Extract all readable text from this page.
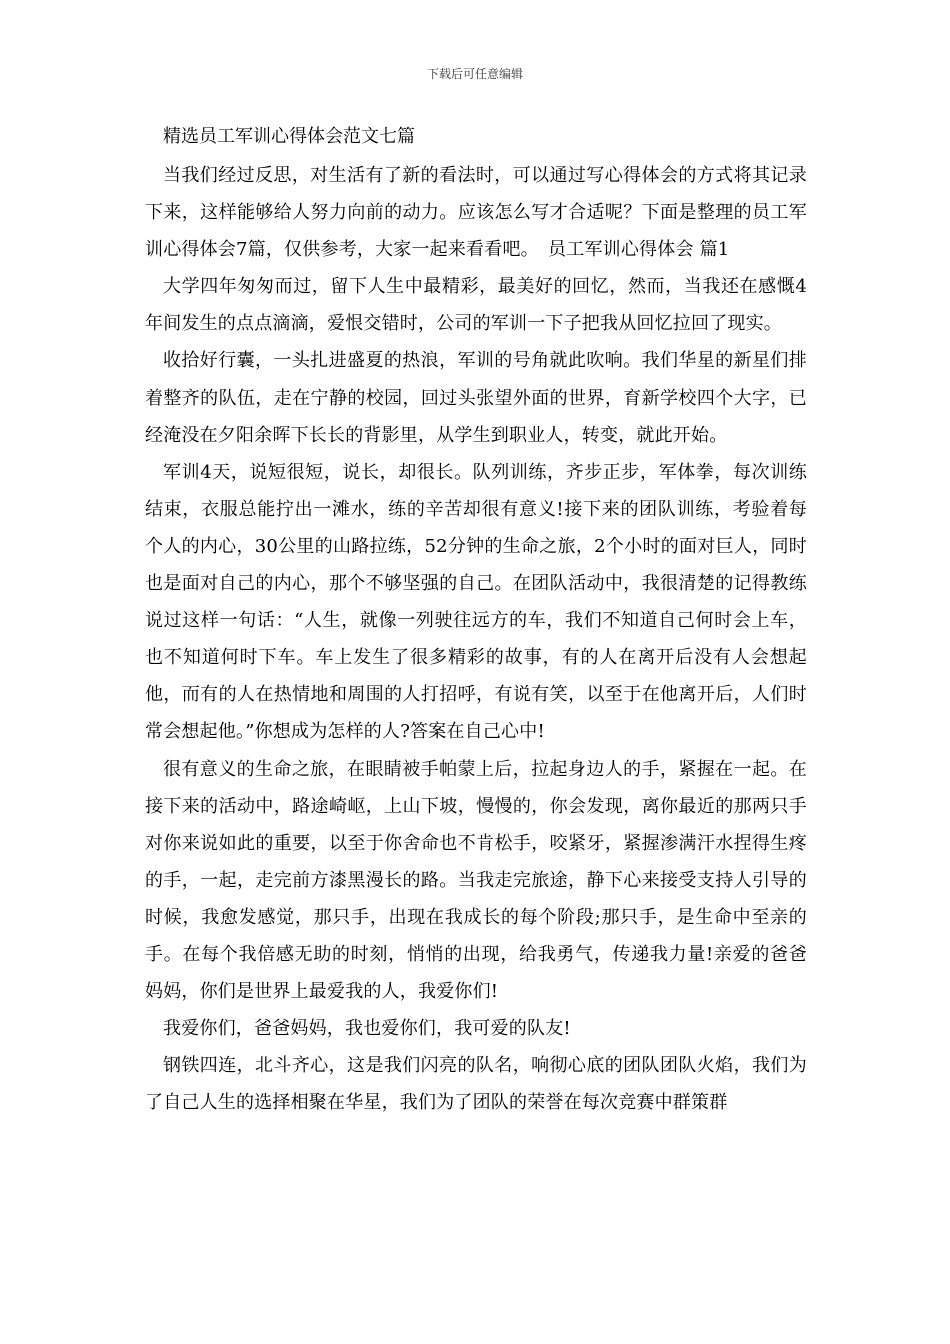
下载后可任意编辑
精选员工军训心得体会范文七篇

当我们经过反思，对生活有了新的看法时，可以通过写心得体会的方式将其记录下来，这样能够给人努力向前的动力。应该怎么写才合适呢？下面是整理的员工军训心得体会7篇，仅供参考，大家一起来看看吧。　员工军训心得体会 篇1

大学四年匆匆而过，留下人生中最精彩，最美好的回忆，然而，当我还在感慨4年间发生的点点滴滴，爱恨交错时，公司的军训一下子把我从回忆拉回了现实。

收拾好行囊，一头扎进盛夏的热浪，军训的号角就此吹响。我们华星的新星们排着整齐的队伍，走在宁静的校园，回过头张望外面的世界，育新学校四个大字，已经淹没在夕阳余晖下长长的背影里，从学生到职业人，转变，就此开始。

军训4天，说短很短，说长，却很长。队列训练，齐步正步，军体拳，每次训练结束，衣服总能拧出一滩水，练的辛苦却很有意义!接下来的团队训练，考验着每个人的内心，30公里的山路拉练，52分钟的生命之旅，2个小时的面对巨人，同时也是面对自己的内心，那个不够坚强的自己。在团队活动中，我很清楚的记得教练说过这样一句话：“人生，就像一列驶往远方的车，我们不知道自己何时会上车，也不知道何时下车。车上发生了很多精彩的故事，有的人在离开后没有人会想起他，而有的人在热情地和周围的人打招呼，有说有笑，以至于在他离开后，人们时常会想起他。”你想成为怎样的人?答案在自己心中!

很有意义的生命之旅，在眼睛被手帕蒙上后，拉起身边人的手，紧握在一起。在接下来的活动中，路途崎岖，上山下坡，慢慢的，你会发现，离你最近的那两只手对你来说如此的重要，以至于你舍命也不肯松手，咬紧牙，紧握渗满汗水捏得生疼的手，一起，走完前方漆黑漫长的路。当我走完旅途，静下心来接受支持人引导的时候，我愈发感觉，那只手，出现在我成长的每个阶段;那只手，是生命中至亲的手。在每个我倍感无助的时刻，悄悄的出现，给我勇气，传递我力量!亲爱的爸爸妈妈，你们是世界上最爱我的人，我爱你们!

我爱你们，爸爸妈妈，我也爱你们，我可爱的队友!

钢铁四连，北斗齐心，这是我们闪亮的队名，响彻心底的团队团队火焰，我们为了自己人生的选择相聚在华星，我们为了团队的荣誉在每次竞赛中群策群
